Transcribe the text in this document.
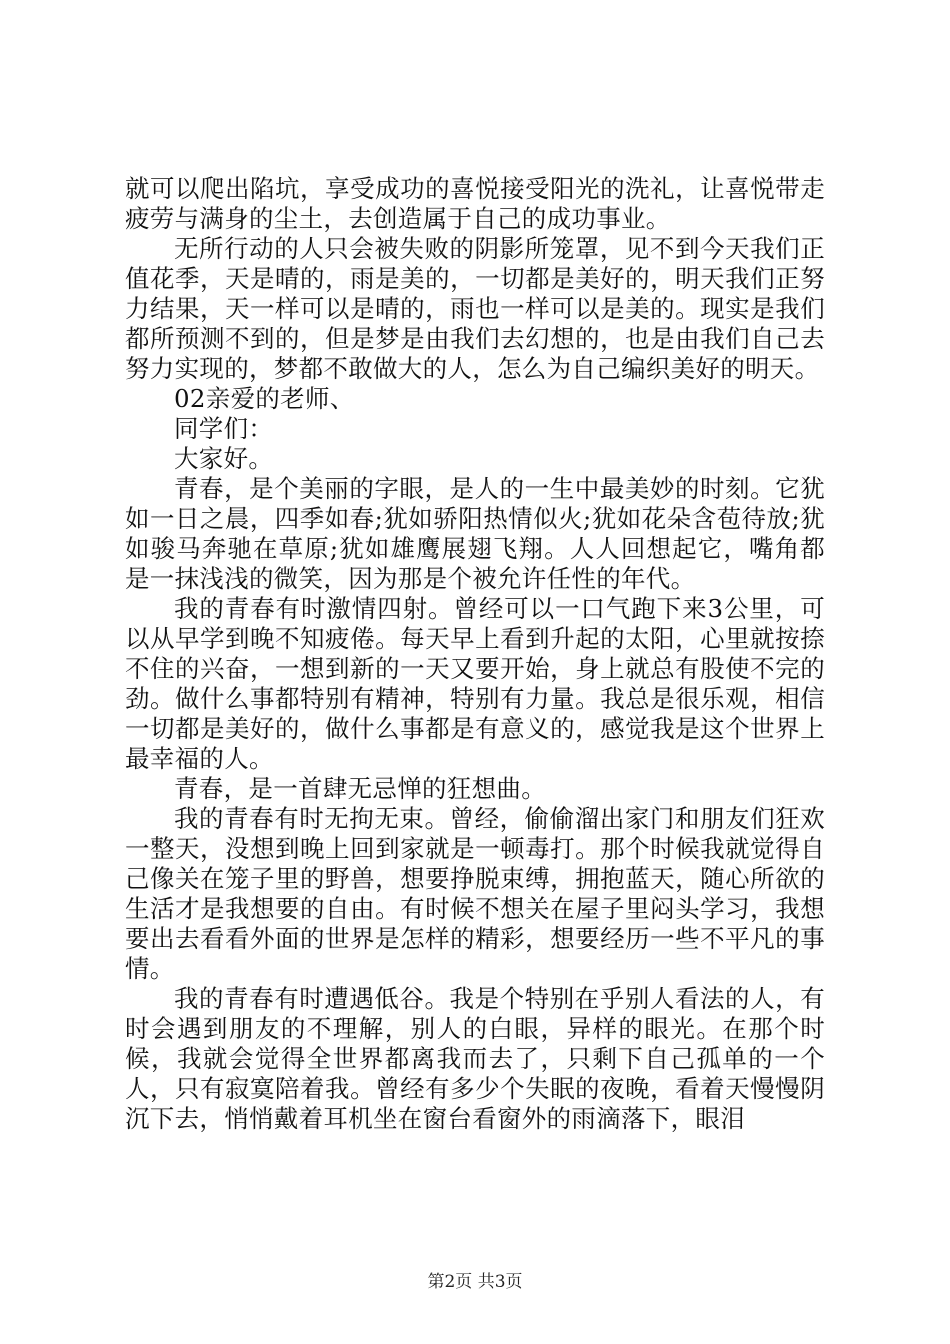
就可以爬出陷坑，享受成功的喜悦接受阳光的洗礼，让喜悦带走疲劳与满身的尘土，去创造属于自己的成功事业。

无所行动的人只会被失败的阴影所笼罩，见不到今天我们正值花季，天是晴的，雨是美的，一切都是美好的，明天我们正努力结果，天一样可以是晴的，雨也一样可以是美的。现实是我们都所预测不到的，但是梦是由我们去幻想的，也是由我们自己去努力实现的，梦都不敢做大的人，怎么为自己编织美好的明天。

02亲爱的老师、

同学们：

大家好。

青春，是个美丽的字眼，是人的一生中最美妙的时刻。它犹如一日之晨，四季如春;犹如骄阳热情似火;犹如花朵含苞待放;犹如骏马奔驰在草原;犹如雄鹰展翅飞翔。人人回想起它，嘴角都是一抹浅浅的微笑，因为那是个被允许任性的年代。

我的青春有时激情四射。曾经可以一口气跑下来3公里，可以从早学到晚不知疲倦。每天早上看到升起的太阳，心里就按捺不住的兴奋，一想到新的一天又要开始，身上就总有股使不完的劲。做什么事都特别有精神，特别有力量。我总是很乐观，相信一切都是美好的，做什么事都是有意义的，感觉我是这个世界上最幸福的人。

青春，是一首肆无忌惮的狂想曲。

我的青春有时无拘无束。曾经，偷偷溜出家门和朋友们狂欢一整天，没想到晚上回到家就是一顿毒打。那个时候我就觉得自己像关在笼子里的野兽，想要挣脱束缚，拥抱蓝天，随心所欲的生活才是我想要的自由。有时候不想关在屋子里闷头学习，我想要出去看看外面的世界是怎样的精彩，想要经历一些不平凡的事情。

我的青春有时遭遇低谷。我是个特别在乎别人看法的人，有时会遇到朋友的不理解，别人的白眼，异样的眼光。在那个时候，我就会觉得全世界都离我而去了，只剩下自己孤单的一个人，只有寂寞陪着我。曾经有多少个失眠的夜晚，看着天慢慢阴沉下去，悄悄戴着耳机坐在窗台看窗外的雨滴落下，眼泪

第2页 共3页
